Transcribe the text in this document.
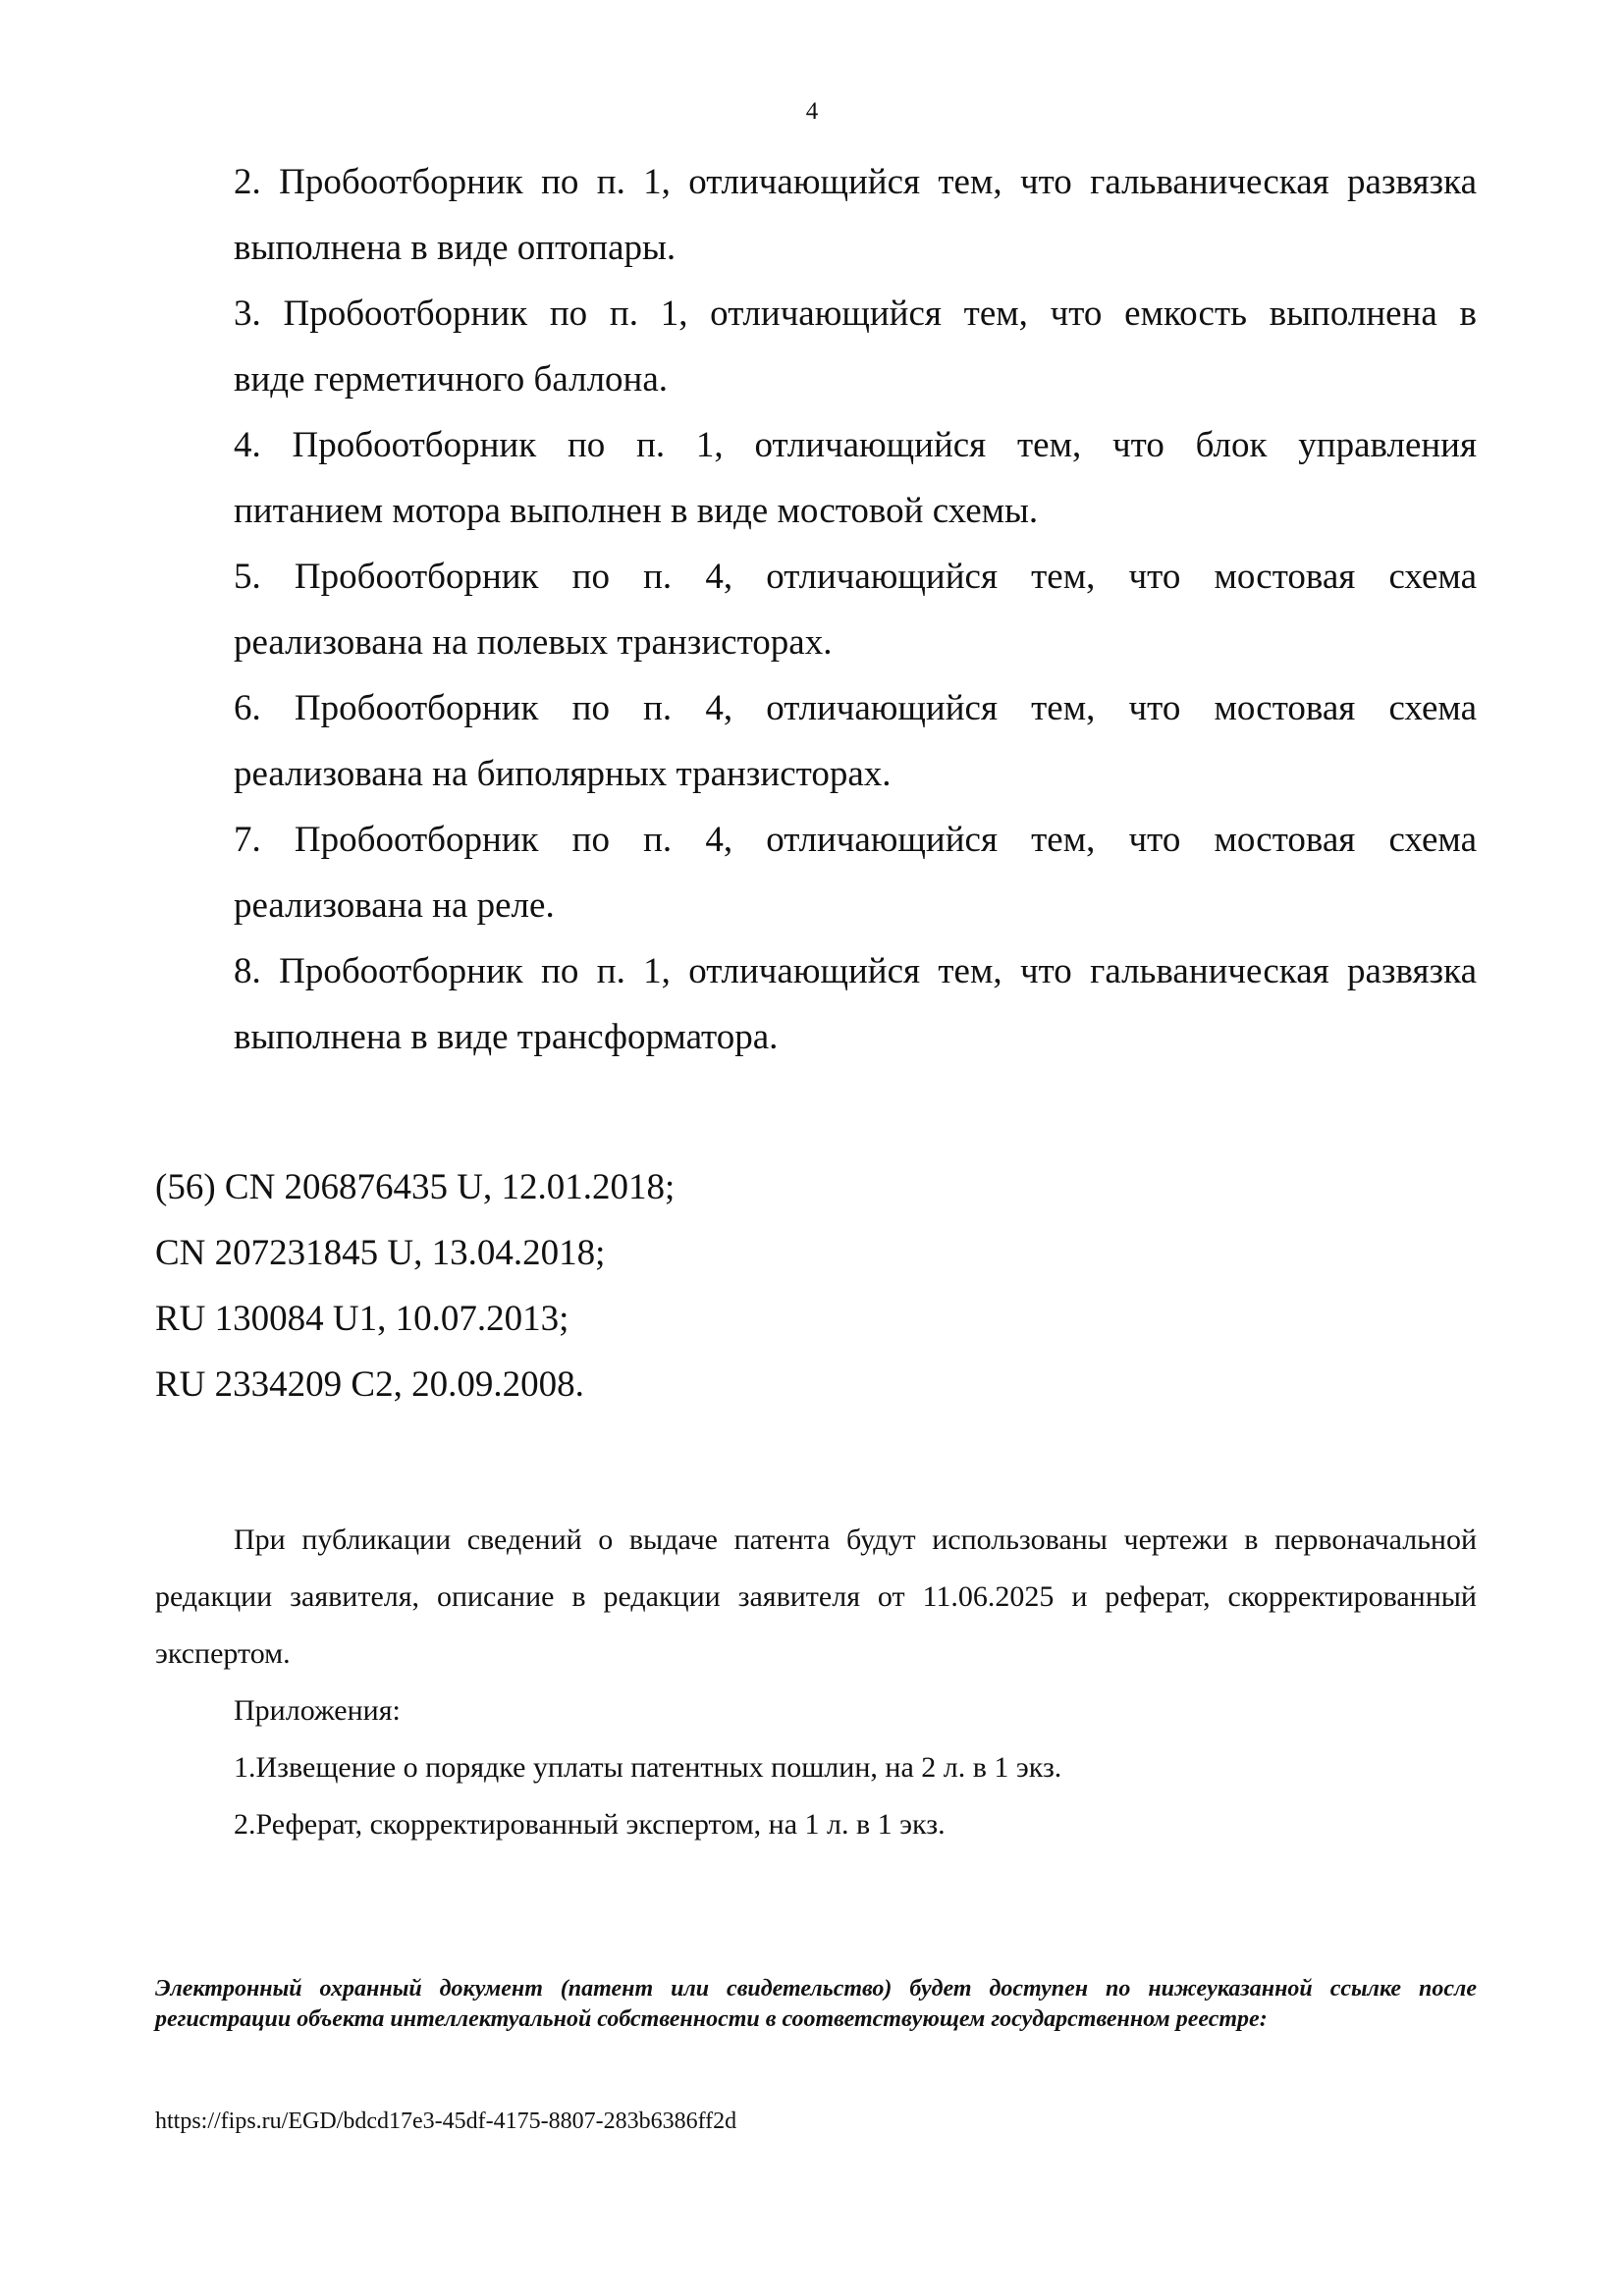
4

2. Пробоотборник по п. 1, отличающийся тем, что гальваническая развязка
выполнена в виде оптопары.

3. Пробоотборник по п. 1, отличающийся тем, что емкость выполнена в
виде герметичного баллона.

4. Пробоотборник по п. 1, отличающийся тем, что блок управления
питанием мотора выполнен в виде мостовой схемы.

5. Пробоотборник по п. 4, отличающийся тем, что мостовая схема
реализована на полевых транзисторах.

6. Пробоотборник по п. 4, отличающийся тем, что мостовая схема
реализована на биполярных транзисторах.

7. Пробоотборник по п. 4, отличающийся тем, что мостовая схема
реализована на реле.

8. Пробоотборник по п. 1, отличающийся тем, что гальваническая развязка
выполнена в виде трансформатора.

(56) CN 206876435 U, 12.01.2018;

CN 207231845 U, 13.04.2018;

RU 130084 U1, 10.07.2013;

RU 2334209 C2, 20.09.2008.

При публикации сведений о выдаче патента будут использованы чертежи в первоначальной редакции заявителя, описание в редакции заявителя от 11.06.2025 и реферат, скорректированный экспертом.

Приложения:

1.Извещение о порядке уплаты патентных пошлин, на 2 л. в 1 экз.

2.Реферат, скорректированный экспертом, на 1 л. в 1 экз.

Электронный охранный документ (патент или свидетельство) будет доступен по нижеуказанной ссылке после регистрации объекта интеллектуальной собственности в соответствующем государственном реестре:

https://fips.ru/EGD/bdcd17e3-45df-4175-8807-283b6386ff2d
